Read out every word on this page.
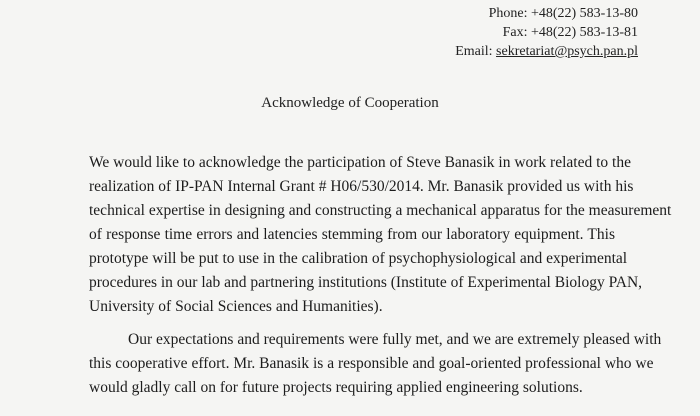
Phone: +48(22) 583-13-80
Fax: +48(22) 583-13-81
Email: sekretariat@psych.pan.pl
Acknowledge of Cooperation

We would like to acknowledge the participation of Steve Banasik in work related to the
realization of IP-PAN Internal Grant # H06/530/2014. Mr. Banasik provided us with his
technical expertise in designing and constructing a mechanical apparatus for the measurement
of response time errors and latencies stemming from our laboratory equipment. This
prototype will be put to use in the calibration of psychophysiological and experimental
procedures in our lab and partnering institutions (Institute of Experimental Biology PAN,
University of Social Sciences and Humanities).

Our expectations and requirements were fully met, and we are extremely pleased with
this cooperative effort. Mr. Banasik is a responsible and goal-oriented professional who we
would gladly call on for future projects requiring applied engineering solutions.
